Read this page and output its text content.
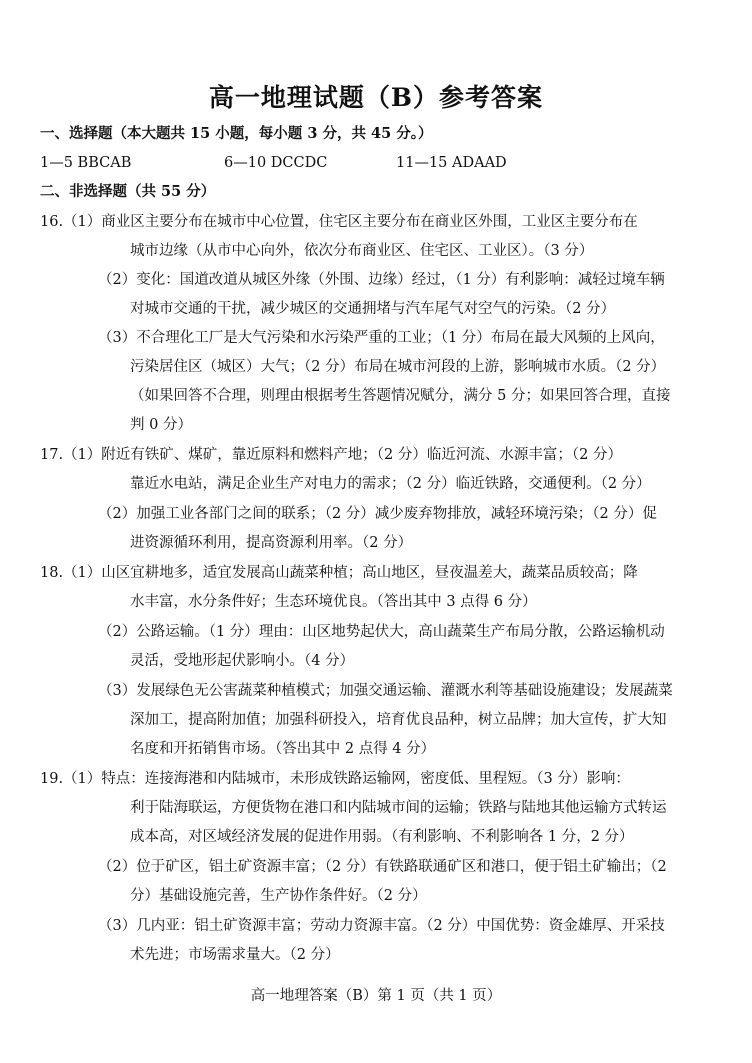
高一地理试题（B）参考答案
一、选择题（本大题共 15 小题，每小题 3 分，共 45 分。）
1—5 BBCAB	6—10 DCCDC	11—15 ADAAD
二、非选择题（共 55 分）
16.（1）商业区主要分布在城市中心位置，住宅区主要分布在商业区外围，工业区主要分布在
城市边缘（从市中心向外，依次分布商业区、住宅区、工业区）。（3 分）
（2）变化：国道改道从城区外缘（外围、边缘）经过，（1 分）有利影响：减轻过境车辆
对城市交通的干扰，减少城区的交通拥堵与汽车尾气对空气的污染。（2 分）
（3）不合理化工厂是大气污染和水污染严重的工业；（1 分）布局在最大风频的上风向，
污染居住区（城区）大气；（2 分）布局在城市河段的上游，影响城市水质。（2 分）
（如果回答不合理，则理由根据考生答题情况赋分，满分 5 分；如果回答合理，直接
判 0 分）
17.（1）附近有铁矿、煤矿，靠近原料和燃料产地；（2 分）临近河流、水源丰富；（2 分）
靠近水电站，满足企业生产对电力的需求；（2 分）临近铁路，交通便利。（2 分）
（2）加强工业各部门之间的联系；（2 分）减少废弃物排放，减轻环境污染；（2 分）促
进资源循环利用，提高资源利用率。（2 分）
18.（1）山区宜耕地多，适宜发展高山蔬菜种植；高山地区，昼夜温差大，蔬菜品质较高；降
水丰富，水分条件好；生态环境优良。（答出其中 3 点得 6 分）
（2）公路运输。（1 分）理由：山区地势起伏大，高山蔬菜生产布局分散，公路运输机动
灵活，受地形起伏影响小。（4 分）
（3）发展绿色无公害蔬菜种植模式；加强交通运输、灌溉水利等基础设施建设；发展蔬菜
深加工，提高附加值；加强科研投入，培育优良品种，树立品牌；加大宣传，扩大知
名度和开拓销售市场。（答出其中 2 点得 4 分）
19.（1）特点：连接海港和内陆城市，未形成铁路运输网，密度低、里程短。（3 分）影响：
利于陆海联运，方便货物在港口和内陆城市间的运输；铁路与陆地其他运输方式转运
成本高，对区域经济发展的促进作用弱。（有利影响、不利影响各 1 分，2 分）
（2）位于矿区，铝土矿资源丰富；（2 分）有铁路联通矿区和港口，便于铝土矿输出；（2
分）基础设施完善，生产协作条件好。（2 分）
（3）几内亚：铝土矿资源丰富；劳动力资源丰富。（2 分）中国优势：资金雄厚、开采技
术先进；市场需求量大。（2 分）
高一地理答案（B）第 1 页（共 1 页）
